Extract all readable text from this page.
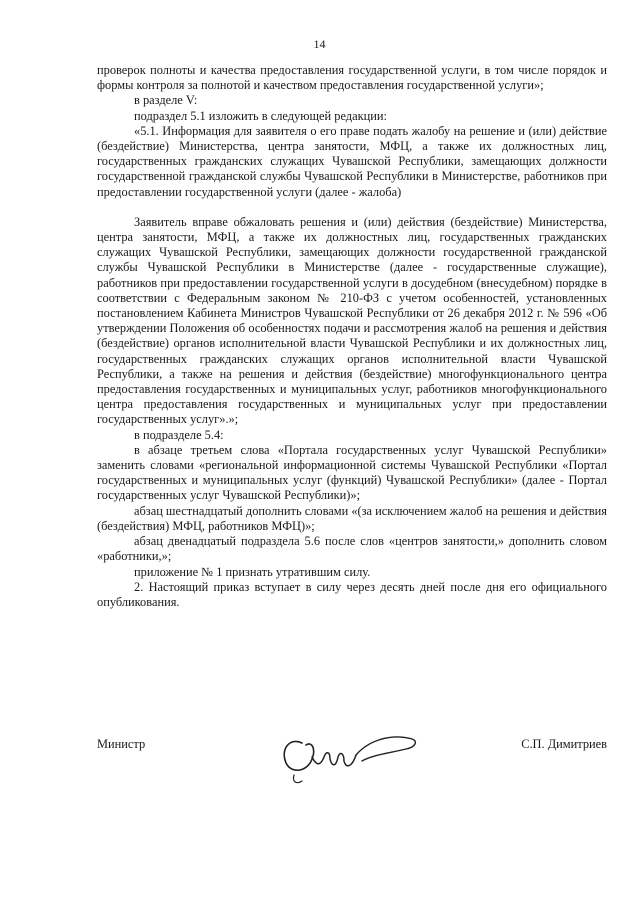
14

проверок полноты и качества предоставления государственной услуги, в том числе порядок и формы контроля за полнотой и качеством предоставления государственной услуги»;

в разделе V:

подраздел 5.1 изложить в следующей редакции:

«5.1. Информация для заявителя о его праве подать жалобу на решение и (или) действие (бездействие) Министерства, центра занятости, МФЦ, а также их должностных лиц, государственных гражданских служащих Чувашской Республики, замещающих должности государственной гражданской службы Чувашской Республики в Министерстве, работников при предоставлении государственной услуги (далее - жалоба)

Заявитель вправе обжаловать решения и (или) действия (бездействие) Министерства, центра занятости, МФЦ, а также их должностных лиц, государственных гражданских служащих Чувашской Республики, замещающих должности государственной гражданской службы Чувашской Республики в Министерстве (далее - государственные служащие), работников при предоставлении государственной услуги в досудебном (внесудебном) порядке в соответствии с Федеральным законом № 210-ФЗ с учетом особенностей, установленных постановлением Кабинета Министров Чувашской Республики от 26 декабря 2012 г. № 596 «Об утверждении Положения об особенностях подачи и рассмотрения жалоб на решения и действия (бездействие) органов исполнительной власти Чувашской Республики и их должностных лиц, государственных гражданских служащих органов исполнительной власти Чувашской Республики, а также на решения и действия (бездействие) многофункционального центра предоставления государственных и муниципальных услуг, работников многофункционального центра предоставления государственных и муниципальных услуг при предоставлении государственных услуг».»;

в подразделе 5.4:

в абзаце третьем слова «Портала государственных услуг Чувашской Республики» заменить словами «региональной информационной системы Чувашской Республики «Портал государственных и муниципальных услуг (функций) Чувашской Республики» (далее - Портал государственных услуг Чувашской Республики)»;

абзац шестнадцатый дополнить словами «(за исключением жалоб на решения и действия (бездействия) МФЦ, работников МФЦ)»;

абзац двенадцатый подраздела 5.6 после слов «центров занятости,» дополнить словом «работники,»;

приложение № 1 признать утратившим силу.

2. Настоящий приказ вступает в силу через десять дней после дня его официального опубликования.

Министр	С.П. Димитриев
